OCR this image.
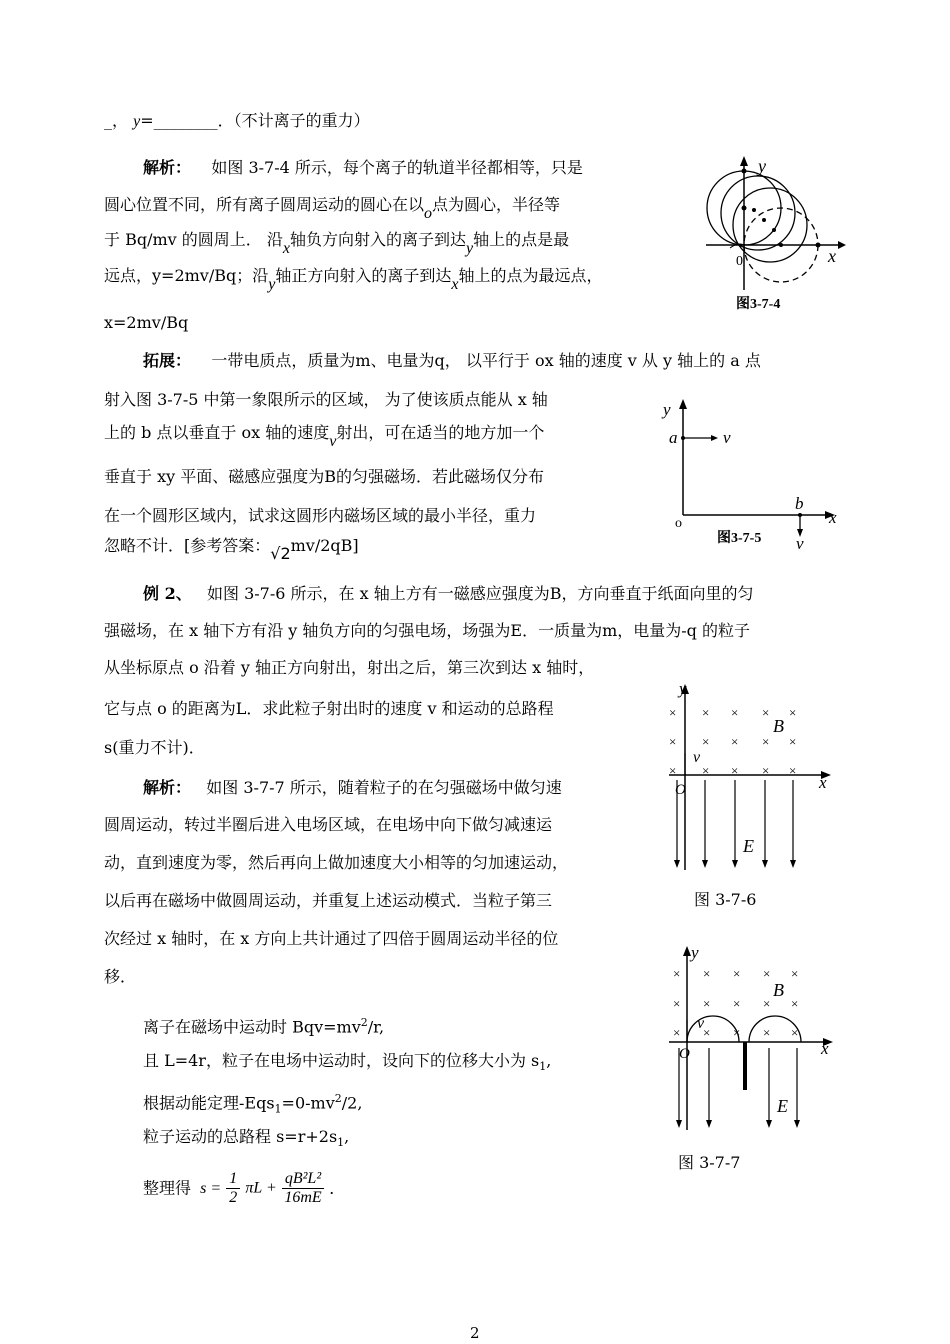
_， y=________．（不计离子的重力）
解析： 如图 3-7-4 所示，每个离子的轨道半径都相等，只是
圆心位置不同，所有离子圆周运动的圆心在以o点为圆心，半径等
于 Bq/mv 的圆周上． 沿x轴负方向射入的离子到达y轴上的点是最
远点，y=2mv/Bq；沿y轴正方向射入的离子到达x轴上的点为最远点，
x=2mv/Bq
y
x
0
图3-7-4
拓展： 一带电质点，质量为m、电量为q， 以平行于 ox 轴的速度 v 从 y 轴上的 a 点
射入图 3-7-5 中第一象限所示的区域， 为了使该质点能从 x 轴
上的 b 点以垂直于 ox 轴的速度v射出，可在适当的地方加一个
垂直于 xy 平面、磁感应强度为B的匀强磁场．若此磁场仅分布
在一个圆形区域内，试求这圆形内磁场区域的最小半径，重力
忽略不计．[参考答案：√2mv/2qB]
y
x
a	v
b
v
o
图3-7-5
例 2、 如图 3-7-6 所示，在 x 轴上方有一磁感应强度为B，方向垂直于纸面向里的匀
强磁场，在 x 轴下方有沿 y 轴负方向的匀强电场，场强为E．一质量为m，电量为-q 的粒子
从坐标原点 o 沿着 y 轴正方向射出，射出之后，第三次到达 x 轴时，
它与点 o 的距离为L．求此粒子射出时的速度 v 和运动的总路程
s(重力不计)．
× × × × ×
× × × × ×
× × × × ×
y
x
B
v
O
E
图 3-7-6
解析： 如图 3-7-7 所示，随着粒子的在匀强磁场中做匀速
圆周运动，转过半圈后进入电场区域，在电场中向下做匀减速运
动，直到速度为零，然后再向上做加速度大小相等的匀加速运动，
以后再在磁场中做圆周运动，并重复上述运动模式．当粒子第三
次经过 x 轴时，在 x 方向上共计通过了四倍于圆周运动半径的位
移．
离子在磁场中运动时 $Bqv=mv^2/r$,
且 L=4r，粒子在电场中运动时，设向下的位移大小为 $s_1$,
根据动能定理$-Eqs_1=0-mv^2/2$,
粒子运动的总路程 $s=r+2s_1$,
整理得 $s = \frac{1}{2}$ $\pi L + \frac{\text{qB²L²}}{16mE}$ ．
× × × × ×
× × × × ×
× × × × ×
y
x
B
v
O
E
图 3-7-7
2
